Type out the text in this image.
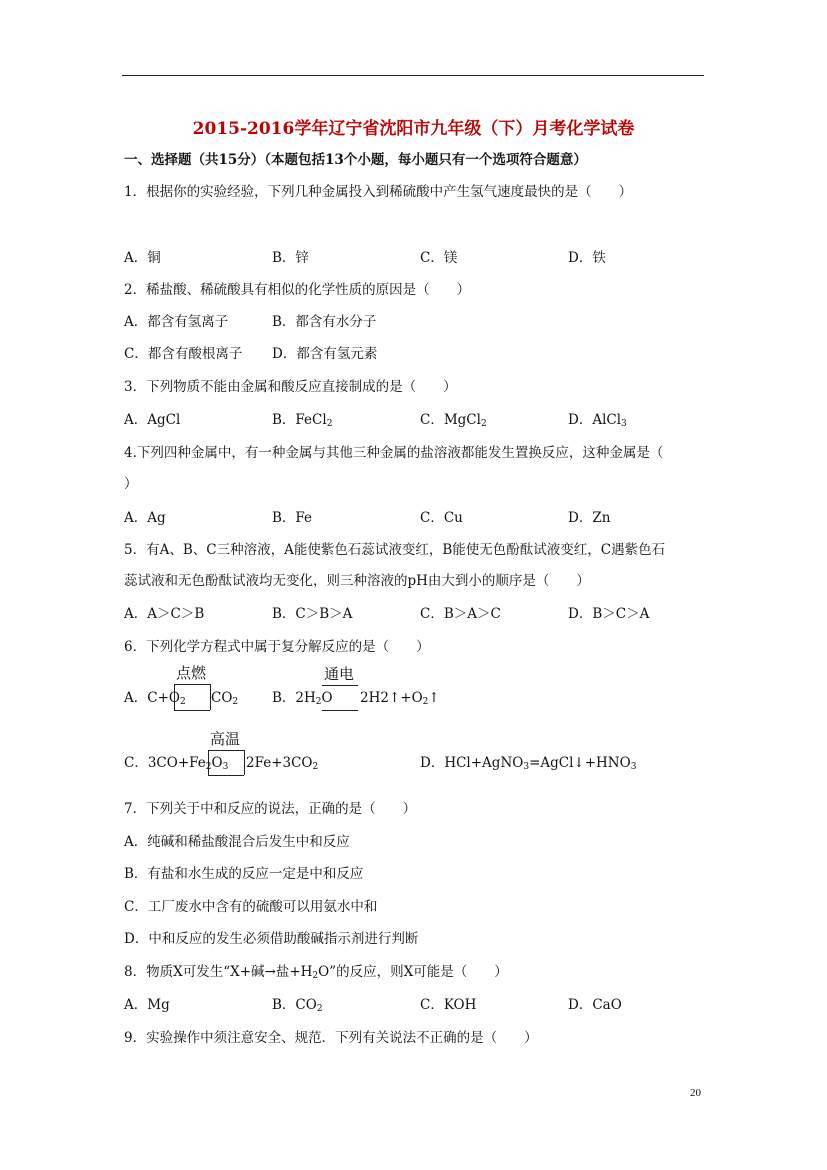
2015-2016学年辽宁省沈阳市九年级（下）月考化学试卷
一、选择题（共15分）（本题包括13个小题，每小题只有一个选项符合题意）
1．根据你的实验经验，下列几种金属投入到稀硫酸中产生氢气速度最快的是（　　）
A．铜	B．锌	C．镁	D．铁
2．稀盐酸、稀硫酸具有相似的化学性质的原因是（　　）
A．都含有氢离子	B．都含有水分子
C．都含有酸根离子 D．都含有氢元素
3．下列物质不能由金属和酸反应直接制成的是（　　）
A．AgCl	B．FeCl$_2$	C．MgCl$_2$	D．AlCl$_3$
4.下列四种金属中，有一种金属与其他三种金属的盐溶液都能发生置换反应，这种金属是（
）
A．Ag	B．Fe	C．Cu	D．Zn
5．有A、B、C三种溶液，A能使紫色石蕊试液变红，B能使无色酚酞试液变红，C遇紫色石
蕊试液和无色酚酞试液均无变化，则三种溶液的pH由大到小的顺序是（　　）
A．A＞C＞B	B．C＞B＞A	C．B＞A＞C	D．B＞C＞A
6．下列化学方程式中属于复分解反应的是（　　）
点燃
A．$C+O_2$ $CO_2$
通电
B．$2H_2O$ $2H2↑+O_2↑$
高温
C．$3CO+Fe_2O_3$ $2Fe+3CO_2$	D．$HCl+AgNO_3=AgCl↓+HNO_3$
7．下列关于中和反应的说法，正确的是（　　）
A．纯碱和稀盐酸混合后发生中和反应
B．有盐和水生成的反应一定是中和反应
C．工厂废水中含有的硫酸可以用氨水中和
D．中和反应的发生必须借助酸碱指示剂进行判断
8．物质X可发生“X+碱→盐$+H_2O$”的反应，则X可能是（　　）
A．Mg	B．$CO_2$	C．KOH	D．CaO
9．实验操作中须注意安全、规范．下列有关说法不正确的是（　　）
20
